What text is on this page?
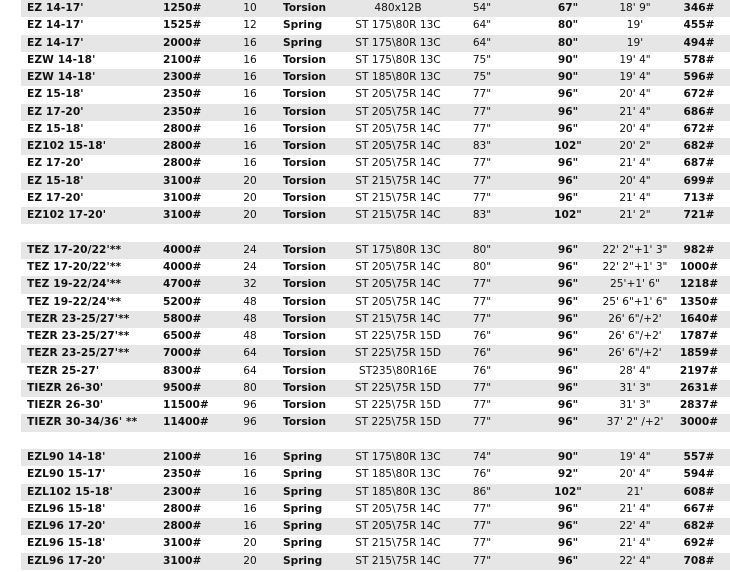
EZ 14-17'	1250#	10	Torsion	480x12B	54"	67"	18' 9"	346#
EZ 14-17'	1525#	12	Spring	ST 175\80R 13C	64"	80"	19'	455#
EZ 14-17'	2000#	16	Spring	ST 175\80R 13C	64"	80"	19'	494#
EZW 14-18'	2100#	16	Torsion	ST 175\80R 13C	75"	90"	19' 4"	578#
EZW 14-18'	2300#	16	Torsion	ST 185\80R 13C	75"	90"	19' 4"	596#
EZ 15-18'	2350#	16	Torsion	ST 205\75R 14C	77"	96"	20' 4"	672#
EZ 17-20'	2350#	16	Torsion	ST 205\75R 14C	77"	96"	21' 4"	686#
EZ 15-18'	2800#	16	Torsion	ST 205\75R 14C	77"	96"	20' 4"	672#
EZ102 15-18'	2800#	16	Torsion	ST 205\75R 14C	83"	102"	20' 2"	682#
EZ 17-20'	2800#	16	Torsion	ST 205\75R 14C	77"	96"	21' 4"	687#
EZ 15-18'	3100#	20	Torsion	ST 215\75R 14C	77"	96"	20' 4"	699#
EZ 17-20'	3100#	20	Torsion	ST 215\75R 14C	77"	96"	21' 4"	713#
EZ102 17-20'	3100#	20	Torsion	ST 215\75R 14C	83"	102"	21' 2"	721#
TEZ 17-20/22'**	4000#	24	Torsion	ST 175\80R 13C	80"	96"	22' 2"+1' 3"	982#
TEZ 17-20/22'**	4000#	24	Torsion	ST 205\75R 14C	80"	96"	22' 2"+1' 3"	1000#
TEZ 19-22/24'**	4700#	32	Torsion	ST 205\75R 14C	77"	96"	25'+1' 6"	1218#
TEZ 19-22/24'**	5200#	48	Torsion	ST 205\75R 14C	77"	96"	25' 6"+1' 6"	1350#
TEZR 23-25/27'**	5800#	48	Torsion	ST 215\75R 14C	77"	96"	26' 6"/+2'	1640#
TEZR 23-25/27'**	6500#	48	Torsion	ST 225\75R 15D	76"	96"	26' 6"/+2'	1787#
TEZR 23-25/27'**	7000#	64	Torsion	ST 225\75R 15D	76"	96"	26' 6"/+2'	1859#
TEZR 25-27'	8300#	64	Torsion	ST235\80R16E	76"	96"	28' 4"	2197#
TIEZR 26-30'	9500#	80	Torsion	ST 225\75R 15D	77"	96"	31' 3"	2631#
TIEZR 26-30'	11500#	96	Torsion	ST 225\75R 15D	77"	96"	31' 3"	2837#
TIEZR 30-34/36' ** 11400#	96	Torsion	ST 225\75R 15D	77"	96"	37' 2" /+2'	3000#
EZL90 14-18'	2100#	16	Spring	ST 175\80R 13C	74"	90"	19' 4"	557#
EZL90 15-17'	2350#	16	Spring	ST 185\80R 13C	76"	92"	20' 4"	594#
EZL102 15-18'	2300#	16	Spring	ST 185\80R 13C	86"	102"	21'	608#
EZL96 15-18'	2800#	16	Spring	ST 205\75R 14C	77"	96"	21' 4"	667#
EZL96 17-20'	2800#	16	Spring	ST 205\75R 14C	77"	96"	22' 4"	682#
EZL96 15-18'	3100#	20	Spring	ST 215\75R 14C	77"	96"	21' 4"	692#
EZL96 17-20'	3100#	20	Spring	ST 215\75R 14C	77"	96"	22' 4"	708#
